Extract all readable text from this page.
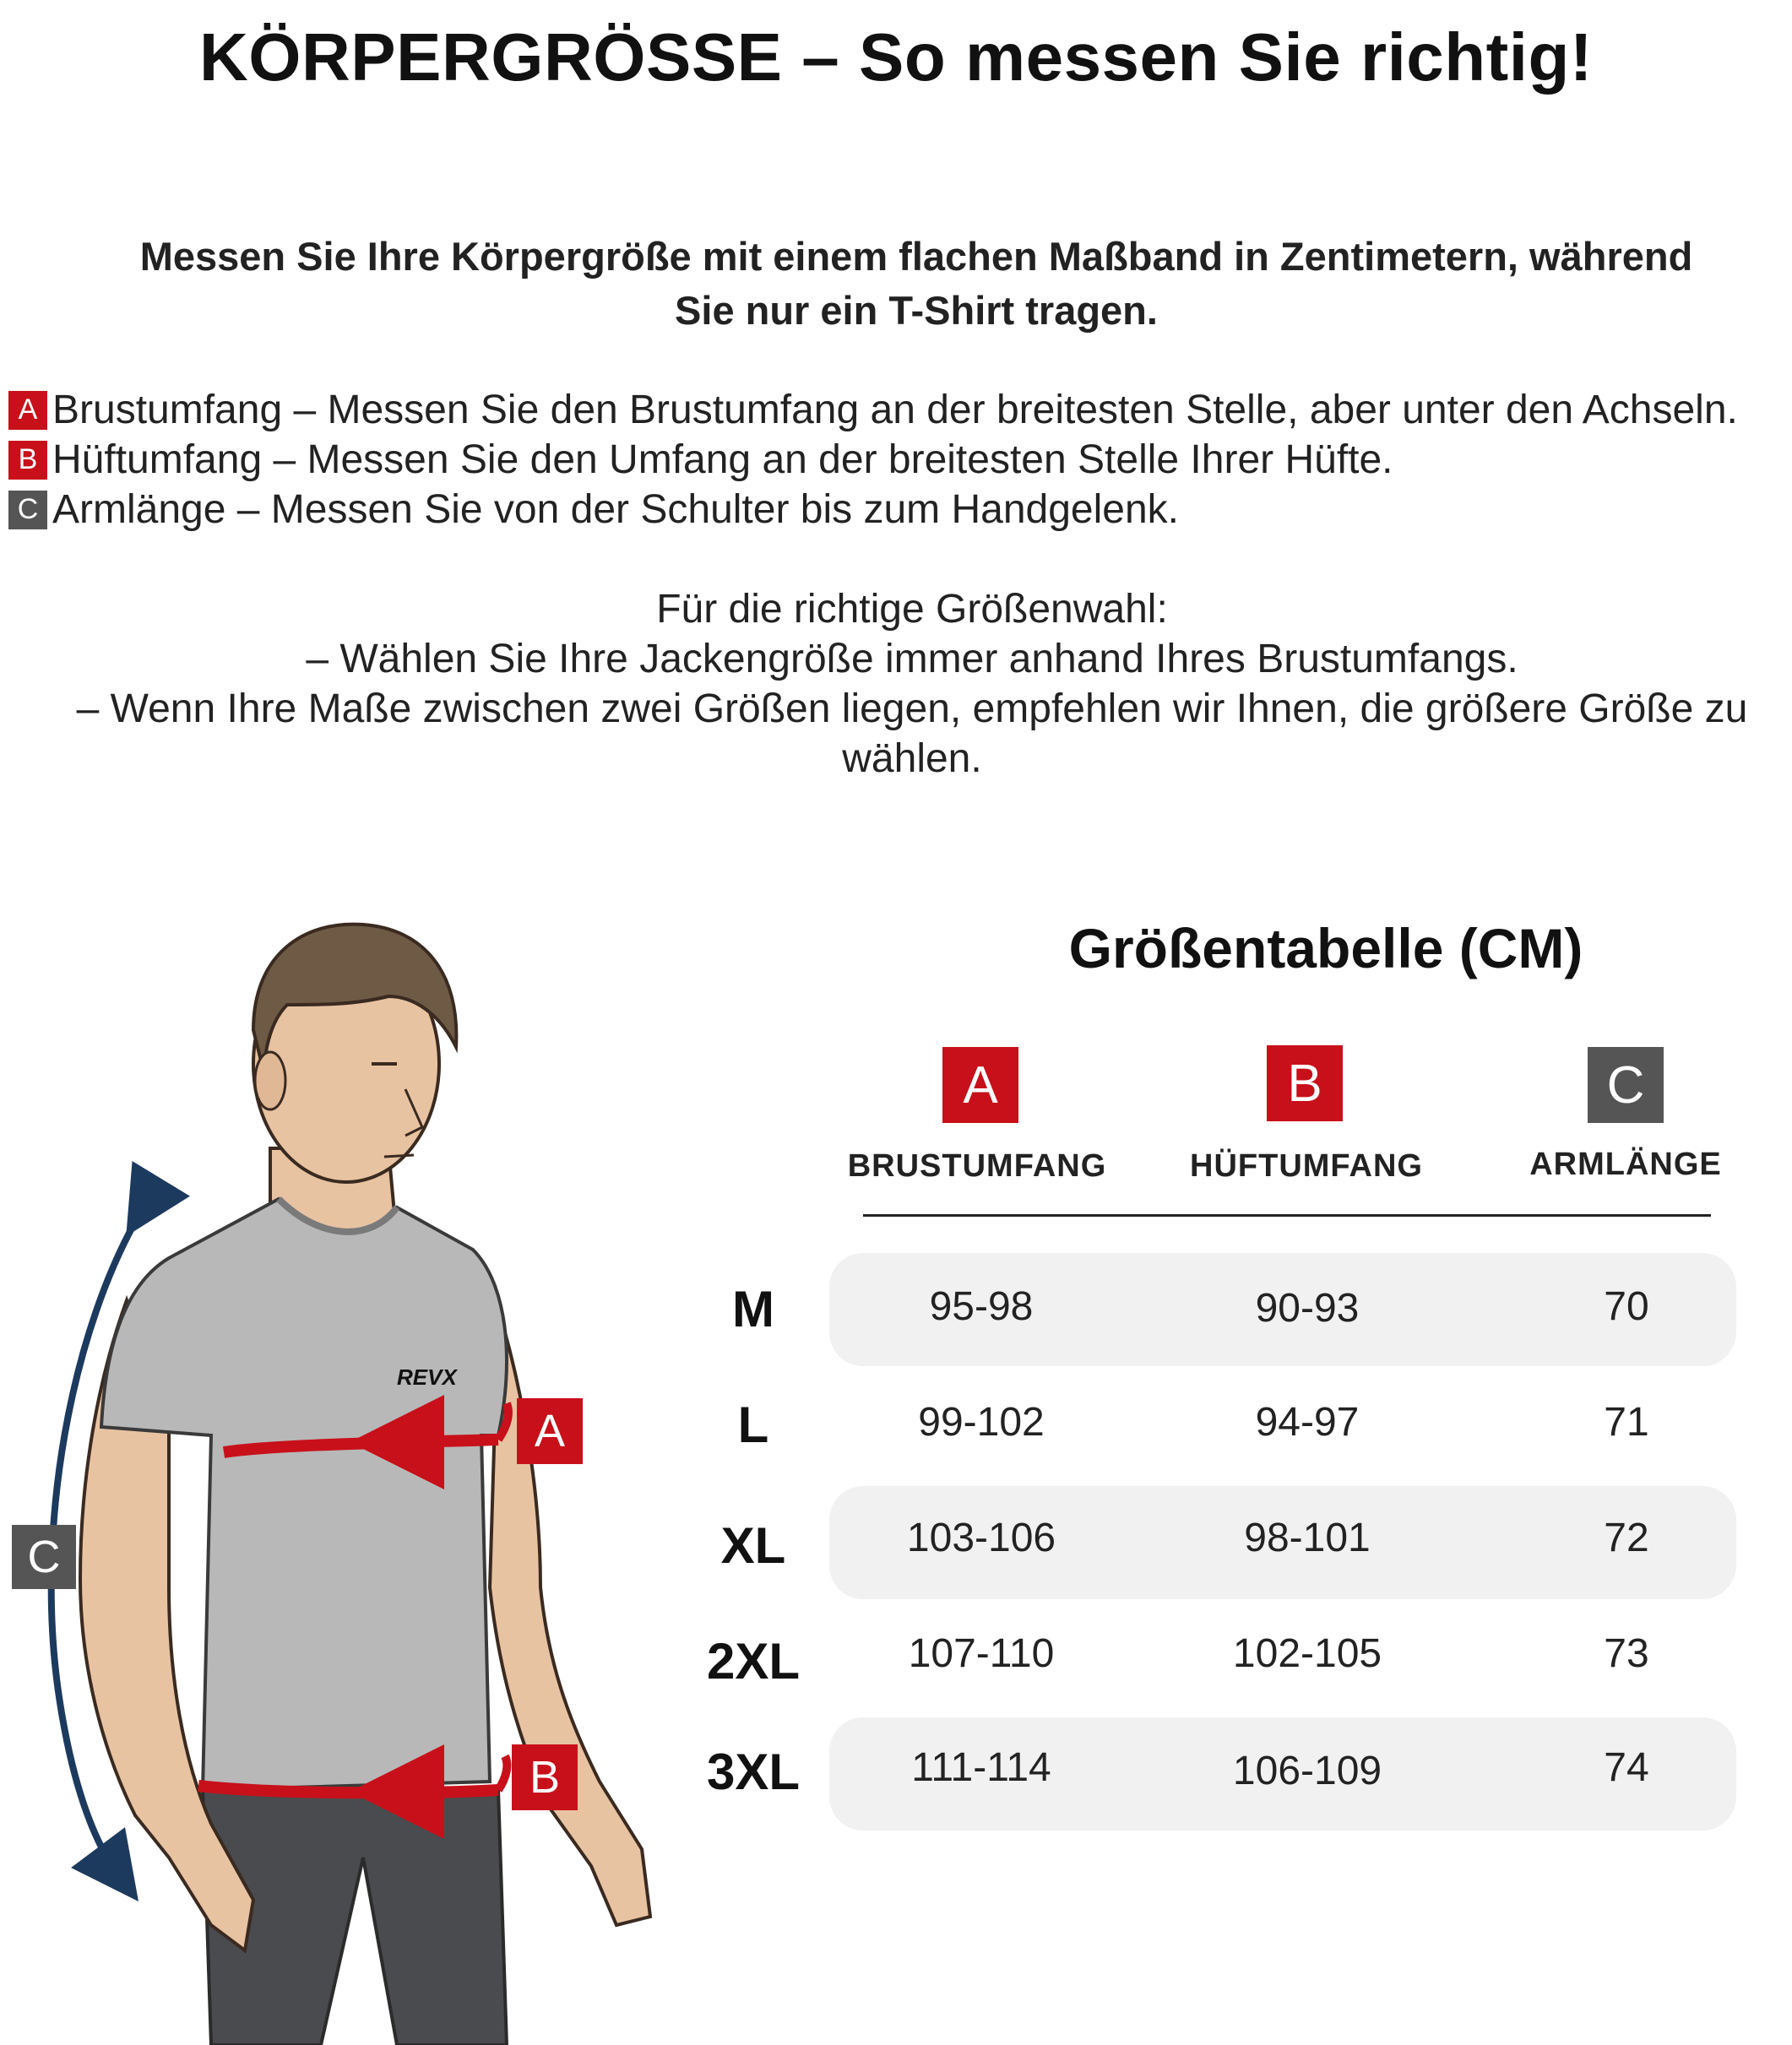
KÖRPERGRÖSSE – So messen Sie richtig!
Messen Sie Ihre Körpergröße mit einem flachen Maßband in Zentimetern, während
Sie nur ein T-Shirt tragen.
A Brustumfang – Messen Sie den Brustumfang an der breitesten Stelle, aber unter den Achseln.
B Hüftumfang – Messen Sie den Umfang an der breitesten Stelle Ihrer Hüfte.
C Armlänge – Messen Sie von der Schulter bis zum Handgelenk.
Für die richtige Größenwahl:
– Wählen Sie Ihre Jackengröße immer anhand Ihres Brustumfangs.
– Wenn Ihre Maße zwischen zwei Größen liegen, empfehlen wir Ihnen, die größere Größe zu
wählen.
REVX
A
B
C
Größentabelle (CM)
A	B	C
BRUSTUMFANG	HÜFTUMFANG	ARMLÄNGE
M	95-98	90-93	70
L	99-102	94-97	71
XL	103-106	98-101	72
2XL	107-110	102-105	73
3XL	111-114	106-109	74
